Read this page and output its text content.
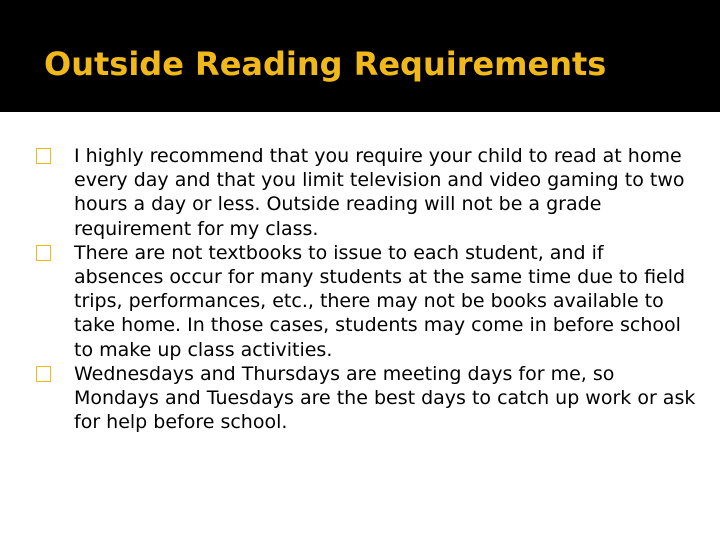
Outside Reading Requirements
I highly recommend that you require your child to read at home every day and that you limit television and video gaming to two hours a day or less. Outside reading will not be a grade requirement for my class.
There are not textbooks to issue to each student, and if absences occur for many students at the same time due to field trips, performances, etc., there may not be books available to take home. In those cases, students may come in before school to make up class activities.
Wednesdays and Thursdays are meeting days for me, so Mondays and Tuesdays are the best days to catch up work or ask for help before school.
